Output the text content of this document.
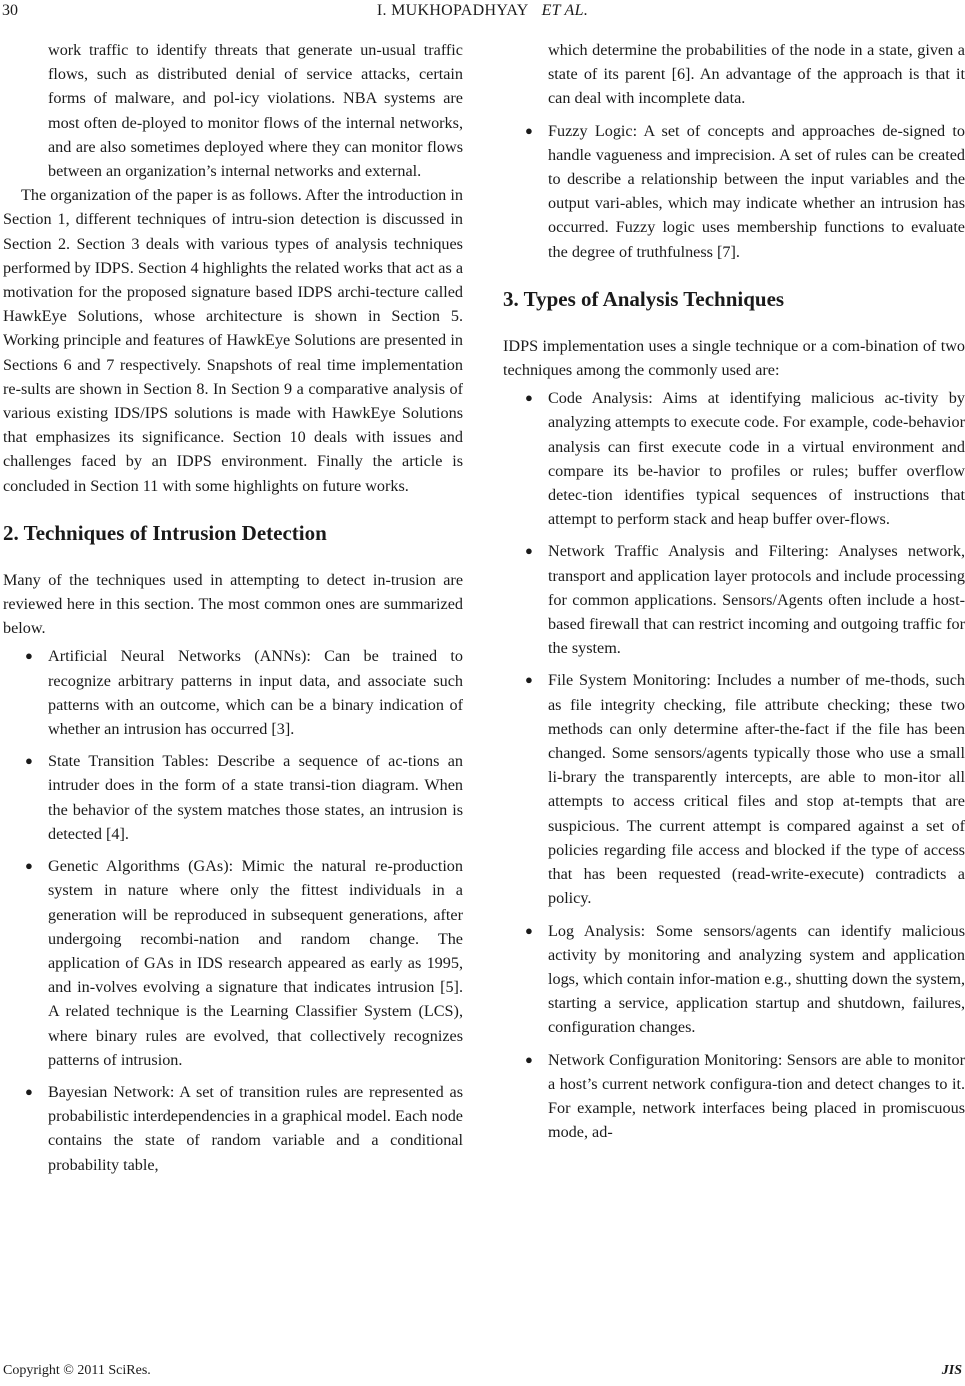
30	I. MUKHOPADHYAY ET AL.

work traffic to identify threats that generate un-usual traffic flows, such as distributed denial of service attacks, certain forms of malware, and pol-icy violations. NBA systems are most often de-ployed to monitor flows of the internal networks, and are also sometimes deployed where they can monitor flows between an organization’s internal networks and external.

The organization of the paper is as follows. After the introduction in Section 1, different techniques of intru-sion detection is discussed in Section 2. Section 3 deals with various types of analysis techniques performed by IDPS. Section 4 highlights the related works that act as a motivation for the proposed signature based IDPS archi-tecture called HawkEye Solutions, whose architecture is shown in Section 5. Working principle and features of HawkEye Solutions are presented in Sections 6 and 7 respectively. Snapshots of real time implementation re-sults are shown in Section 8. In Section 9 a comparative analysis of various existing IDS/IPS solutions is made with HawkEye Solutions that emphasizes its significance. Section 10 deals with issues and challenges faced by an IDPS environment. Finally the article is concluded in Section 11 with some highlights on future works.

2. Techniques of Intrusion Detection

Many of the techniques used in attempting to detect in-trusion are reviewed here in this section. The most common ones are summarized below.

● Artificial Neural Networks (ANNs): Can be trained to recognize arbitrary patterns in input data, and associate such patterns with an outcome, which can be a binary indication of whether an intrusion has occurred [3].
● State Transition Tables: Describe a sequence of ac-tions an intruder does in the form of a state transi-tion diagram. When the behavior of the system matches those states, an intrusion is detected [4].
● Genetic Algorithms (GAs): Mimic the natural re-production system in nature where only the fittest individuals in a generation will be reproduced in subsequent generations, after undergoing recombi-nation and random change. The application of GAs in IDS research appeared as early as 1995, and in-volves evolving a signature that indicates intrusion [5]. A related technique is the Learning Classifier System (LCS), where binary rules are evolved, that collectively recognizes patterns of intrusion.
● Bayesian Network: A set of transition rules are represented as probabilistic interdependencies in a graphical model. Each node contains the state of random variable and a conditional probability table,

which determine the probabilities of the node in a state, given a state of its parent [6]. An advantage of the approach is that it can deal with incomplete data.

● Fuzzy Logic: A set of concepts and approaches de-signed to handle vagueness and imprecision. A set of rules can be created to describe a relationship between the input variables and the output vari-ables, which may indicate whether an intrusion has occurred. Fuzzy logic uses membership functions to evaluate the degree of truthfulness [7].
3. Types of Analysis Techniques

IDPS implementation uses a single technique or a com-bination of two techniques among the commonly used are:

● Code Analysis: Aims at identifying malicious ac-tivity by analyzing attempts to execute code. For example, code-behavior analysis can first execute code in a virtual environment and compare its be-havior to profiles or rules; buffer overflow detec-tion identifies typical sequences of instructions that attempt to perform stack and heap buffer over-flows.
● Network Traffic Analysis and Filtering: Analyses network, transport and application layer protocols and include processing for common applications. Sensors/Agents often include a host-based firewall that can restrict incoming and outgoing traffic for the system.
● File System Monitoring: Includes a number of me-thods, such as file integrity checking, file attribute checking; these two methods can only determine after-the-fact if the file has been changed. Some sensors/agents typically those who use a small li-brary the transparently intercepts, are able to mon-itor all attempts to access critical files and stop at-tempts that are suspicious. The current attempt is compared against a set of policies regarding file access and blocked if the type of access that has been requested (read-write-execute) contradicts a policy.
● Log Analysis: Some sensors/agents can identify malicious activity by monitoring and analyzing system and application logs, which contain infor-mation e.g., shutting down the system, starting a service, application startup and shutdown, failures, configuration changes.
● Network Configuration Monitoring: Sensors are able to monitor a host’s current network configura-tion and detect changes to it. For example, network interfaces being placed in promiscuous mode, ad-
Copyright © 2011 SciRes.	JIS
